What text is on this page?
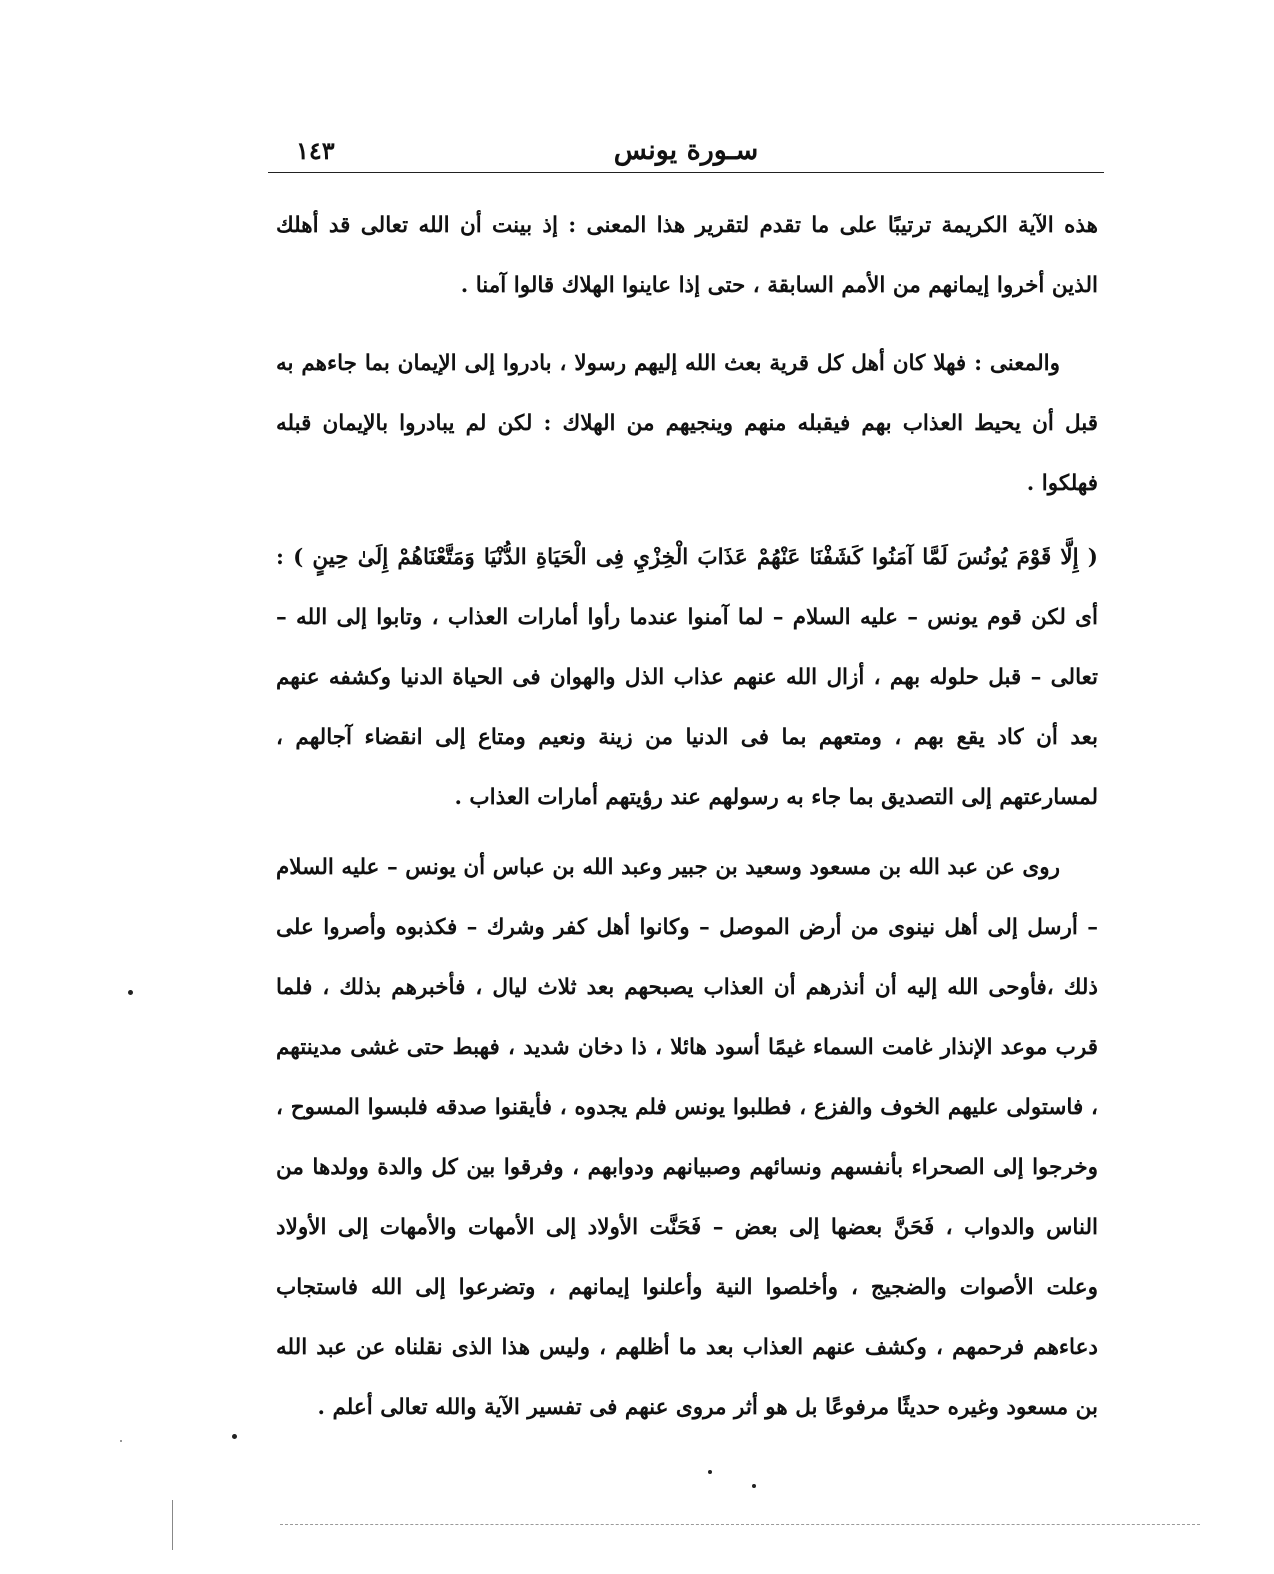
سـورة يونس
١٤٣

هذه الآية الكريمة ترتيبًا على ما تقدم لتقرير هذا المعنى : إذ بينت أن الله تعالى قد أهلك الذين أخروا إيمانهم من الأمم السابقة ، حتى إذا عاينوا الهلاك قالوا آمنا .

والمعنى : فهلا كان أهل كل قرية بعث الله إليهم رسولا ، بادروا إلى الإيمان بما جاءهم به قبل أن يحيط العذاب بهم فيقبله منهم وينجيهم من الهلاك : لكن لم يبادروا بالإيمان قبله فهلكوا .

( إِلَّا قَوْمَ يُونُسَ لَمَّا آمَنُوا كَشَفْنَا عَنْهُمْ عَذَابَ الْخِزْيِ فِى الْحَيَاةِ الدُّنْيَا وَمَتَّعْنَاهُمْ إِلَىٰ حِينٍ ) : أى لكن قوم يونس – عليه السلام – لما آمنوا عندما رأوا أمارات العذاب ، وتابوا إلى الله – تعالى – قبل حلوله بهم ، أزال الله عنهم عذاب الذل والهوان فى الحياة الدنيا وكشفه عنهم بعد أن كاد يقع بهم ، ومتعهم بما فى الدنيا من زينة ونعيم ومتاع إلى انقضاء آجالهم ، لمسارعتهم إلى التصديق بما جاء به رسولهم عند رؤيتهم أمارات العذاب .

روى عن عبد الله بن مسعود وسعيد بن جبير وعبد الله بن عباس أن يونس – عليه السلام – أرسل إلى أهل نينوى من أرض الموصل – وكانوا أهل كفر وشرك – فكذبوه وأصروا على ذلك ،فأوحى الله إليه أن أنذرهم أن العذاب يصبحهم بعد ثلاث ليال ، فأخبرهم بذلك ، فلما قرب موعد الإنذار غامت السماء غيمًا أسود هائلا ، ذا دخان شديد ، فهبط حتى غشى مدينتهم ، فاستولى عليهم الخوف والفزع ، فطلبوا يونس فلم يجدوه ، فأيقنوا صدقه فلبسوا المسوح ، وخرجوا إلى الصحراء بأنفسهم ونسائهم وصبيانهم ودوابهم ، وفرقوا بين كل والدة وولدها من الناس والدواب ، فَحَنَّ بعضها إلى بعض – فَحَنَّت الأولاد إلى الأمهات والأمهات إلى الأولاد وعلت الأصوات والضجيج ، وأخلصوا النية وأعلنوا إيمانهم ، وتضرعوا إلى الله فاستجاب دعاءهم فرحمهم ، وكشف عنهم العذاب بعد ما أظلهم ، وليس هذا الذى نقلناه عن عبد الله بن مسعود وغيره حديثًا مرفوعًا بل هو أثر مروى عنهم فى تفسير الآية والله تعالى أعلم .
